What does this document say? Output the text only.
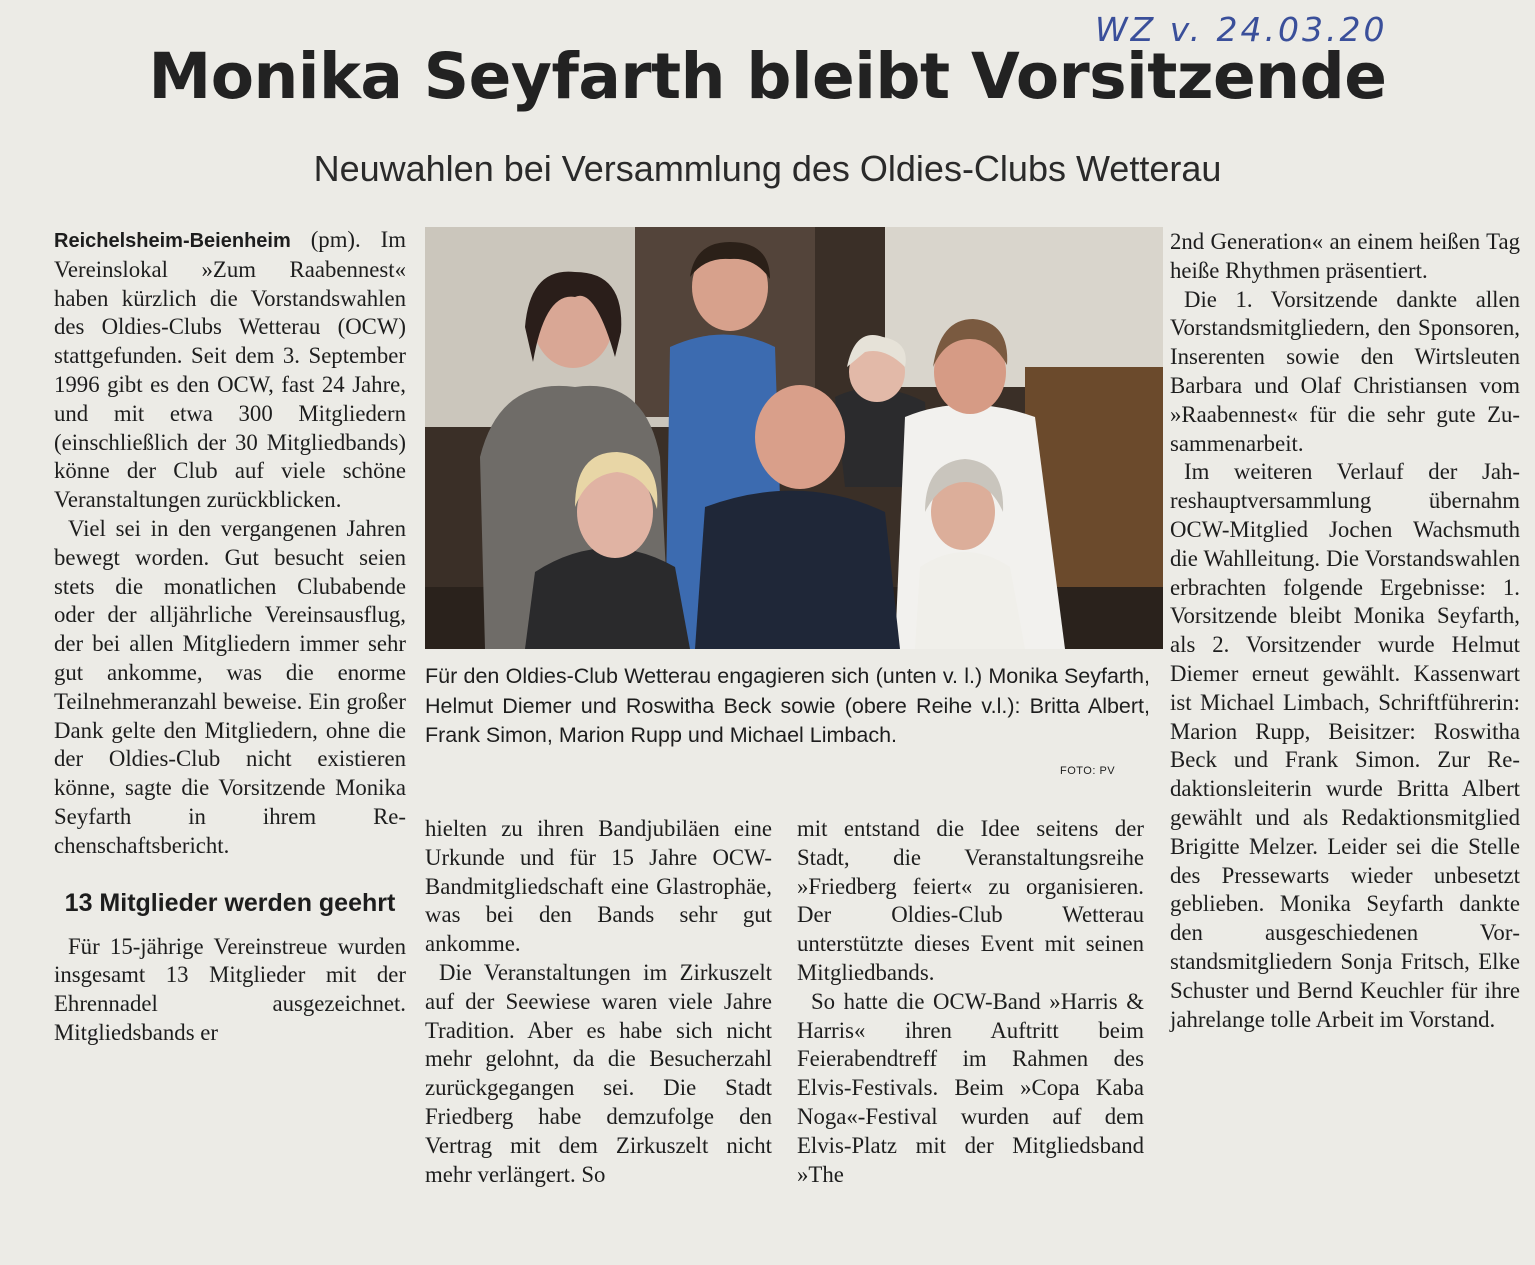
WZ v. 24.03.20
Monika Seyfarth bleibt Vorsitzende
Neuwahlen bei Versammlung des Oldies-Clubs Wetterau

Reichelsheim-Beienheim (pm). Im Vereinslokal »Zum Raabennest« haben kürzlich die Vorstandswahlen des Oldies-Clubs Wetterau (OCW) stattgefunden. Seit dem 3. September 1996 gibt es den OCW, fast 24 Jahre, und mit etwa 300 Mitgliedern (einschließlich der 30 Mitgliedbands) könne der Club auf viele schöne Veranstaltungen zurückblicken.

Viel sei in den vergangenen Jahren bewegt worden. Gut besucht seien stets die monatlichen Clubabende oder der alljährliche Vereinsausflug, der bei allen Mitgliedern immer sehr gut ankomme, was die enorme Teilnehmeranzahl beweise. Ein großer Dank gelte den Mitgliedern, ohne die der Oldies-Club nicht existieren könne, sagte die Vorsitzende Monika Seyfarth in ihrem Rechenschaftsbericht.

13 Mitglieder werden geehrt

Für 15-jährige Vereinstreue wurden insgesamt 13 Mitglieder mit der Ehrennadel ausgezeichnet. Mitgliedsbands er

Für den Oldies-Club Wetterau engagieren sich (unten v. l.) Monika Seyfarth, Helmut Diemer und Roswitha Beck sowie (obere Reihe v.l.): Britta Albert, Frank Simon, Marion Rupp und Michael Limbach.
FOTO: PV

hielten zu ihren Bandjubiläen eine Urkunde und für 15 Jahre OCW-Bandmitgliedschaft eine Glastrophäe, was bei den Bands sehr gut ankomme.

Die Veranstaltungen im Zirkuszelt auf der Seewiese waren viele Jahre Tradition. Aber es habe sich nicht mehr gelohnt, da die Besucherzahl zurückgegangen sei. Die Stadt Friedberg habe demzufolge den Vertrag mit dem Zirkuszelt nicht mehr verlängert. So

mit entstand die Idee seitens der Stadt, die Veranstaltungsreihe »Friedberg feiert« zu organisieren. Der Oldies-Club Wetterau unterstützte dieses Event mit seinen Mitgliedbands.

So hatte die OCW-Band »Harris & Harris« ihren Auftritt beim Feierabendtreff im Rahmen des Elvis-Festivals. Beim »Copa Kaba Noga«-Festival wurden auf dem Elvis-Platz mit der Mitgliedsband »The

2nd Generation« an einem heißen Tag heiße Rhythmen präsentiert.

Die 1. Vorsitzende dankte allen Vorstandsmitgliedern, den Sponsoren, Inserenten sowie den Wirtsleuten Barbara und Olaf Christiansen vom »Raabennest« für die sehr gute Zusammenarbeit.

Im weiteren Verlauf der Jahreshauptversammlung übernahm OCW-Mitglied Jochen Wachsmuth die Wahlleitung. Die Vorstandswahlen erbrachten folgende Ergebnisse: 1. Vorsitzende bleibt Monika Seyfarth, als 2. Vorsitzender wurde Helmut Diemer erneut gewählt. Kassenwart ist Michael Limbach, Schriftführerin: Marion Rupp, Beisitzer: Roswitha Beck und Frank Simon. Zur Redaktionsleiterin wurde Britta Albert gewählt und als Redaktionsmitglied Brigitte Melzer. Leider sei die Stelle des Pressewarts wieder unbesetzt geblieben. Monika Seyfarth dankte den ausgeschiedenen Vorstandsmitgliedern Sonja Fritsch, Elke Schuster und Bernd Keuchler für ihre jahrelange tolle Arbeit im Vorstand.
